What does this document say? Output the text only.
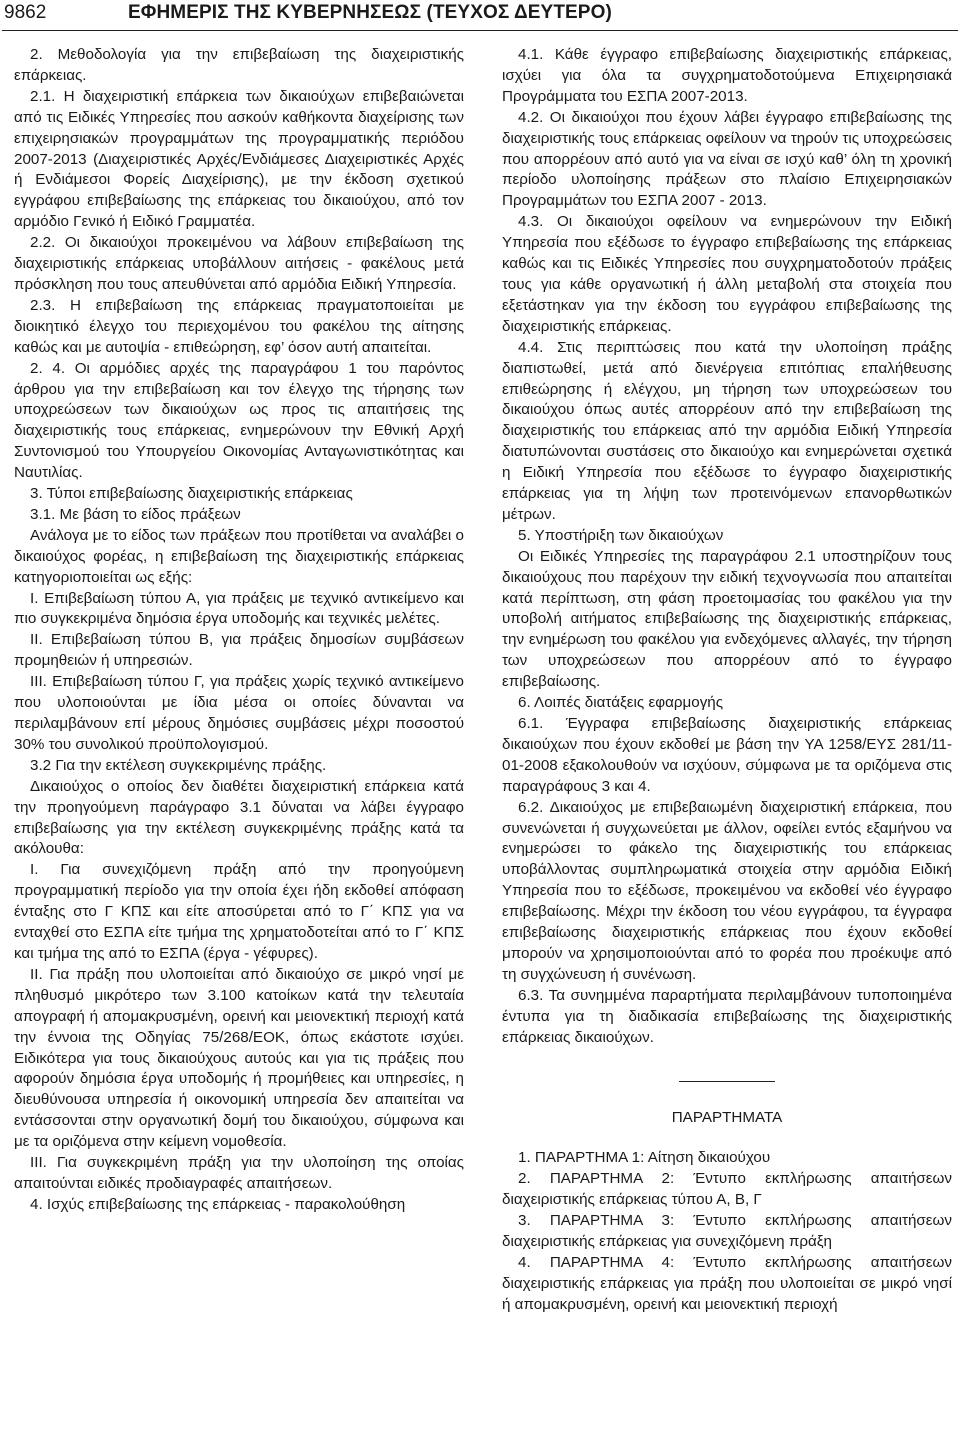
9862	ΕΦΗΜΕΡΙΣ ΤΗΣ ΚΥΒΕΡΝΗΣΕΩΣ (ΤΕΥΧΟΣ ΔΕΥΤΕΡΟ)

2. Μεθοδολογία για την επιβεβαίωση της διαχειριστικής επάρκειας.

2.1. Η διαχειριστική επάρκεια των δικαιούχων επιβεβαιώνεται από τις Ειδικές Υπηρεσίες που ασκούν καθήκοντα διαχείρισης των επιχειρησιακών προγραμμάτων της προγραμματικής περιόδου 2007-2013 (Διαχειριστικές Αρχές/Ενδιάμεσες Διαχειριστικές Αρχές ή Ενδιάμεσοι Φορείς Διαχείρισης), με την έκδοση σχετικού εγγράφου επιβεβαίωσης της επάρκειας του δικαιούχου, από τον αρμόδιο Γενικό ή Ειδικό Γραμματέα.

2.2. Οι δικαιούχοι προκειμένου να λάβουν επιβεβαίωση της διαχειριστικής επάρκειας υποβάλλουν αιτήσεις - φακέλους μετά πρόσκληση που τους απευθύνεται από αρμόδια Ειδική Υπηρεσία.

2.3. Η επιβεβαίωση της επάρκειας πραγματοποιείται με διοικητικό έλεγχο του περιεχομένου του φακέλου της αίτησης καθώς και με αυτοψία - επιθεώρηση, εφ’ όσον αυτή απαιτείται.

2. 4. Οι αρμόδιες αρχές της παραγράφου 1 του παρόντος άρθρου για την επιβεβαίωση και τον έλεγχο της τήρησης των υποχρεώσεων των δικαιούχων ως προς τις απαιτήσεις της διαχειριστικής τους επάρκειας, ενημερώνουν την Εθνική Αρχή Συντονισμού του Υπουργείου Οικονομίας Ανταγωνιστικότητας και Ναυτιλίας.

3. Τύποι επιβεβαίωσης διαχειριστικής επάρκειας

3.1. Με βάση το είδος πράξεων

Ανάλογα με το είδος των πράξεων που προτίθεται να αναλάβει ο δικαιούχος φορέας, η επιβεβαίωση της διαχειριστικής επάρκειας κατηγοριοποιείται ως εξής:

Ι. Επιβεβαίωση τύπου Α, για πράξεις με τεχνικό αντικείμενο και πιο συγκεκριμένα δημόσια έργα υποδομής και τεχνικές μελέτες.

ΙΙ. Επιβεβαίωση τύπου Β, για πράξεις δημοσίων συμβάσεων προμηθειών ή υπηρεσιών.

ΙΙΙ. Επιβεβαίωση τύπου Γ, για πράξεις χωρίς τεχνικό αντικείμενο που υλοποιούνται με ίδια μέσα οι οποίες δύνανται να περιλαμβάνουν επί μέρους δημόσιες συμβάσεις μέχρι ποσοστού 30% του συνολικού προϋπολογισμού.

3.2 Για την εκτέλεση συγκεκριμένης πράξης.

Δικαιούχος ο οποίος δεν διαθέτει διαχειριστική επάρκεια κατά την προηγούμενη παράγραφο 3.1 δύναται να λάβει έγγραφο επιβεβαίωσης για την εκτέλεση συγκεκριμένης πράξης κατά τα ακόλουθα:

Ι. Για συνεχιζόμενη πράξη από την προηγούμενη προγραμματική περίοδο για την οποία έχει ήδη εκδοθεί απόφαση ένταξης στο Γ ΚΠΣ και είτε αποσύρεται από το Γ΄ ΚΠΣ για να ενταχθεί στο ΕΣΠΑ είτε τμήμα της χρηματοδοτείται από το Γ΄ ΚΠΣ και τμήμα της από το ΕΣΠΑ (έργα - γέφυρες).

ΙΙ. Για πράξη που υλοποιείται από δικαιούχο σε μικρό νησί με πληθυσμό μικρότερο των 3.100 κατοίκων κατά την τελευταία απογραφή ή απομακρυσμένη, ορεινή και μειονεκτική περιοχή κατά την έννοια της Οδηγίας 75/268/ΕΟΚ, όπως εκάστοτε ισχύει. Ειδικότερα για τους δικαιούχους αυτούς και για τις πράξεις που αφορούν δημόσια έργα υποδομής ή προμήθειες και υπηρεσίες, η διευθύνουσα υπηρεσία ή οικονομική υπηρεσία δεν απαιτείται να εντάσσονται στην οργανωτική δομή του δικαιούχου, σύμφωνα και με τα οριζόμενα στην κείμενη νομοθεσία.

ΙΙΙ. Για συγκεκριμένη πράξη για την υλοποίηση της οποίας απαιτούνται ειδικές προδιαγραφές απαιτήσεων.

4. Ισχύς επιβεβαίωσης της επάρκειας - παρακολούθηση

4.1. Κάθε έγγραφο επιβεβαίωσης διαχειριστικής επάρκειας, ισχύει για όλα τα συγχρηματοδοτούμενα Επιχειρησιακά Προγράμματα του ΕΣΠΑ 2007-2013.

4.2. Οι δικαιούχοι που έχουν λάβει έγγραφο επιβεβαίωσης της διαχειριστικής τους επάρκειας οφείλουν να τηρούν τις υποχρεώσεις που απορρέουν από αυτό για να είναι σε ισχύ καθ’ όλη τη χρονική περίοδο υλοποίησης πράξεων στο πλαίσιο Επιχειρησιακών Προγραμμάτων του ΕΣΠΑ 2007 - 2013.

4.3. Οι δικαιούχοι οφείλουν να ενημερώνουν την Ειδική Υπηρεσία που εξέδωσε το έγγραφο επιβεβαίωσης της επάρκειας καθώς και τις Ειδικές Υπηρεσίες που συγχρηματοδοτούν πράξεις τους για κάθε οργανωτική ή άλλη μεταβολή στα στοιχεία που εξετάστηκαν για την έκδοση του εγγράφου επιβεβαίωσης της διαχειριστικής επάρκειας.

4.4. Στις περιπτώσεις που κατά την υλοποίηση πράξης διαπιστωθεί, μετά από διενέργεια επιτόπιας επαλήθευσης επιθεώρησης ή ελέγχου, μη τήρηση των υποχρεώσεων του δικαιούχου όπως αυτές απορρέουν από την επιβεβαίωση της διαχειριστικής του επάρκειας από την αρμόδια Ειδική Υπηρεσία διατυπώνονται συστάσεις στο δικαιούχο και ενημερώνεται σχετικά η Ειδική Υπηρεσία που εξέδωσε το έγγραφο διαχειριστικής επάρκειας για τη λήψη των προτεινόμενων επανορθωτικών μέτρων.

5. Υποστήριξη των δικαιούχων

Οι Ειδικές Υπηρεσίες της παραγράφου 2.1 υποστηρίζουν τους δικαιούχους που παρέχουν την ειδική τεχνογνωσία που απαιτείται κατά περίπτωση, στη φάση προετοιμασίας του φακέλου για την υποβολή αιτήματος επιβεβαίωσης της διαχειριστικής επάρκειας, την ενημέρωση του φακέλου για ενδεχόμενες αλλαγές, την τήρηση των υποχρεώσεων που απορρέουν από το έγγραφο επιβεβαίωσης.

6. Λοιπές διατάξεις εφαρμογής

6.1. Έγγραφα επιβεβαίωσης διαχειριστικής επάρκειας δικαιούχων που έχουν εκδοθεί με βάση την ΥΑ 1258/ΕΥΣ 281/11-01-2008 εξακολουθούν να ισχύουν, σύμφωνα με τα οριζόμενα στις παραγράφους 3 και 4.

6.2. Δικαιούχος με επιβεβαιωμένη διαχειριστική επάρκεια, που συνενώνεται ή συγχωνεύεται με άλλον, οφείλει εντός εξαμήνου να ενημερώσει το φάκελο της διαχειριστικής του επάρκειας υποβάλλοντας συμπληρωματικά στοιχεία στην αρμόδια Ειδική Υπηρεσία που το εξέδωσε, προκειμένου να εκδοθεί νέο έγγραφο επιβεβαίωσης. Μέχρι την έκδοση του νέου εγγράφου, τα έγγραφα επιβεβαίωσης διαχειριστικής επάρκειας που έχουν εκδοθεί μπορούν να χρησιμοποιούνται από το φορέα που προέκυψε από τη συγχώνευση ή συνένωση.

6.3. Τα συνημμένα παραρτήματα περιλαμβάνουν τυποποιημένα έντυπα για τη διαδικασία επιβεβαίωσης της διαχειριστικής επάρκειας δικαιούχων.

ΠΑΡΑΡΤΗΜΑΤΑ

1. ΠΑΡΑΡΤΗΜΑ 1: Αίτηση δικαιούχου

2. ΠΑΡΑΡΤΗΜΑ 2: Έντυπο εκπλήρωσης απαιτήσεων διαχειριστικής επάρκειας τύπου Α, Β, Γ

3. ΠΑΡΑΡΤΗΜΑ 3: Έντυπο εκπλήρωσης απαιτήσεων διαχειριστικής επάρκειας για συνεχιζόμενη πράξη

4. ΠΑΡΑΡΤΗΜΑ 4: Έντυπο εκπλήρωσης απαιτήσεων διαχειριστικής επάρκειας για πράξη που υλοποιείται σε μικρό νησί ή απομακρυσμένη, ορεινή και μειονεκτική περιοχή
